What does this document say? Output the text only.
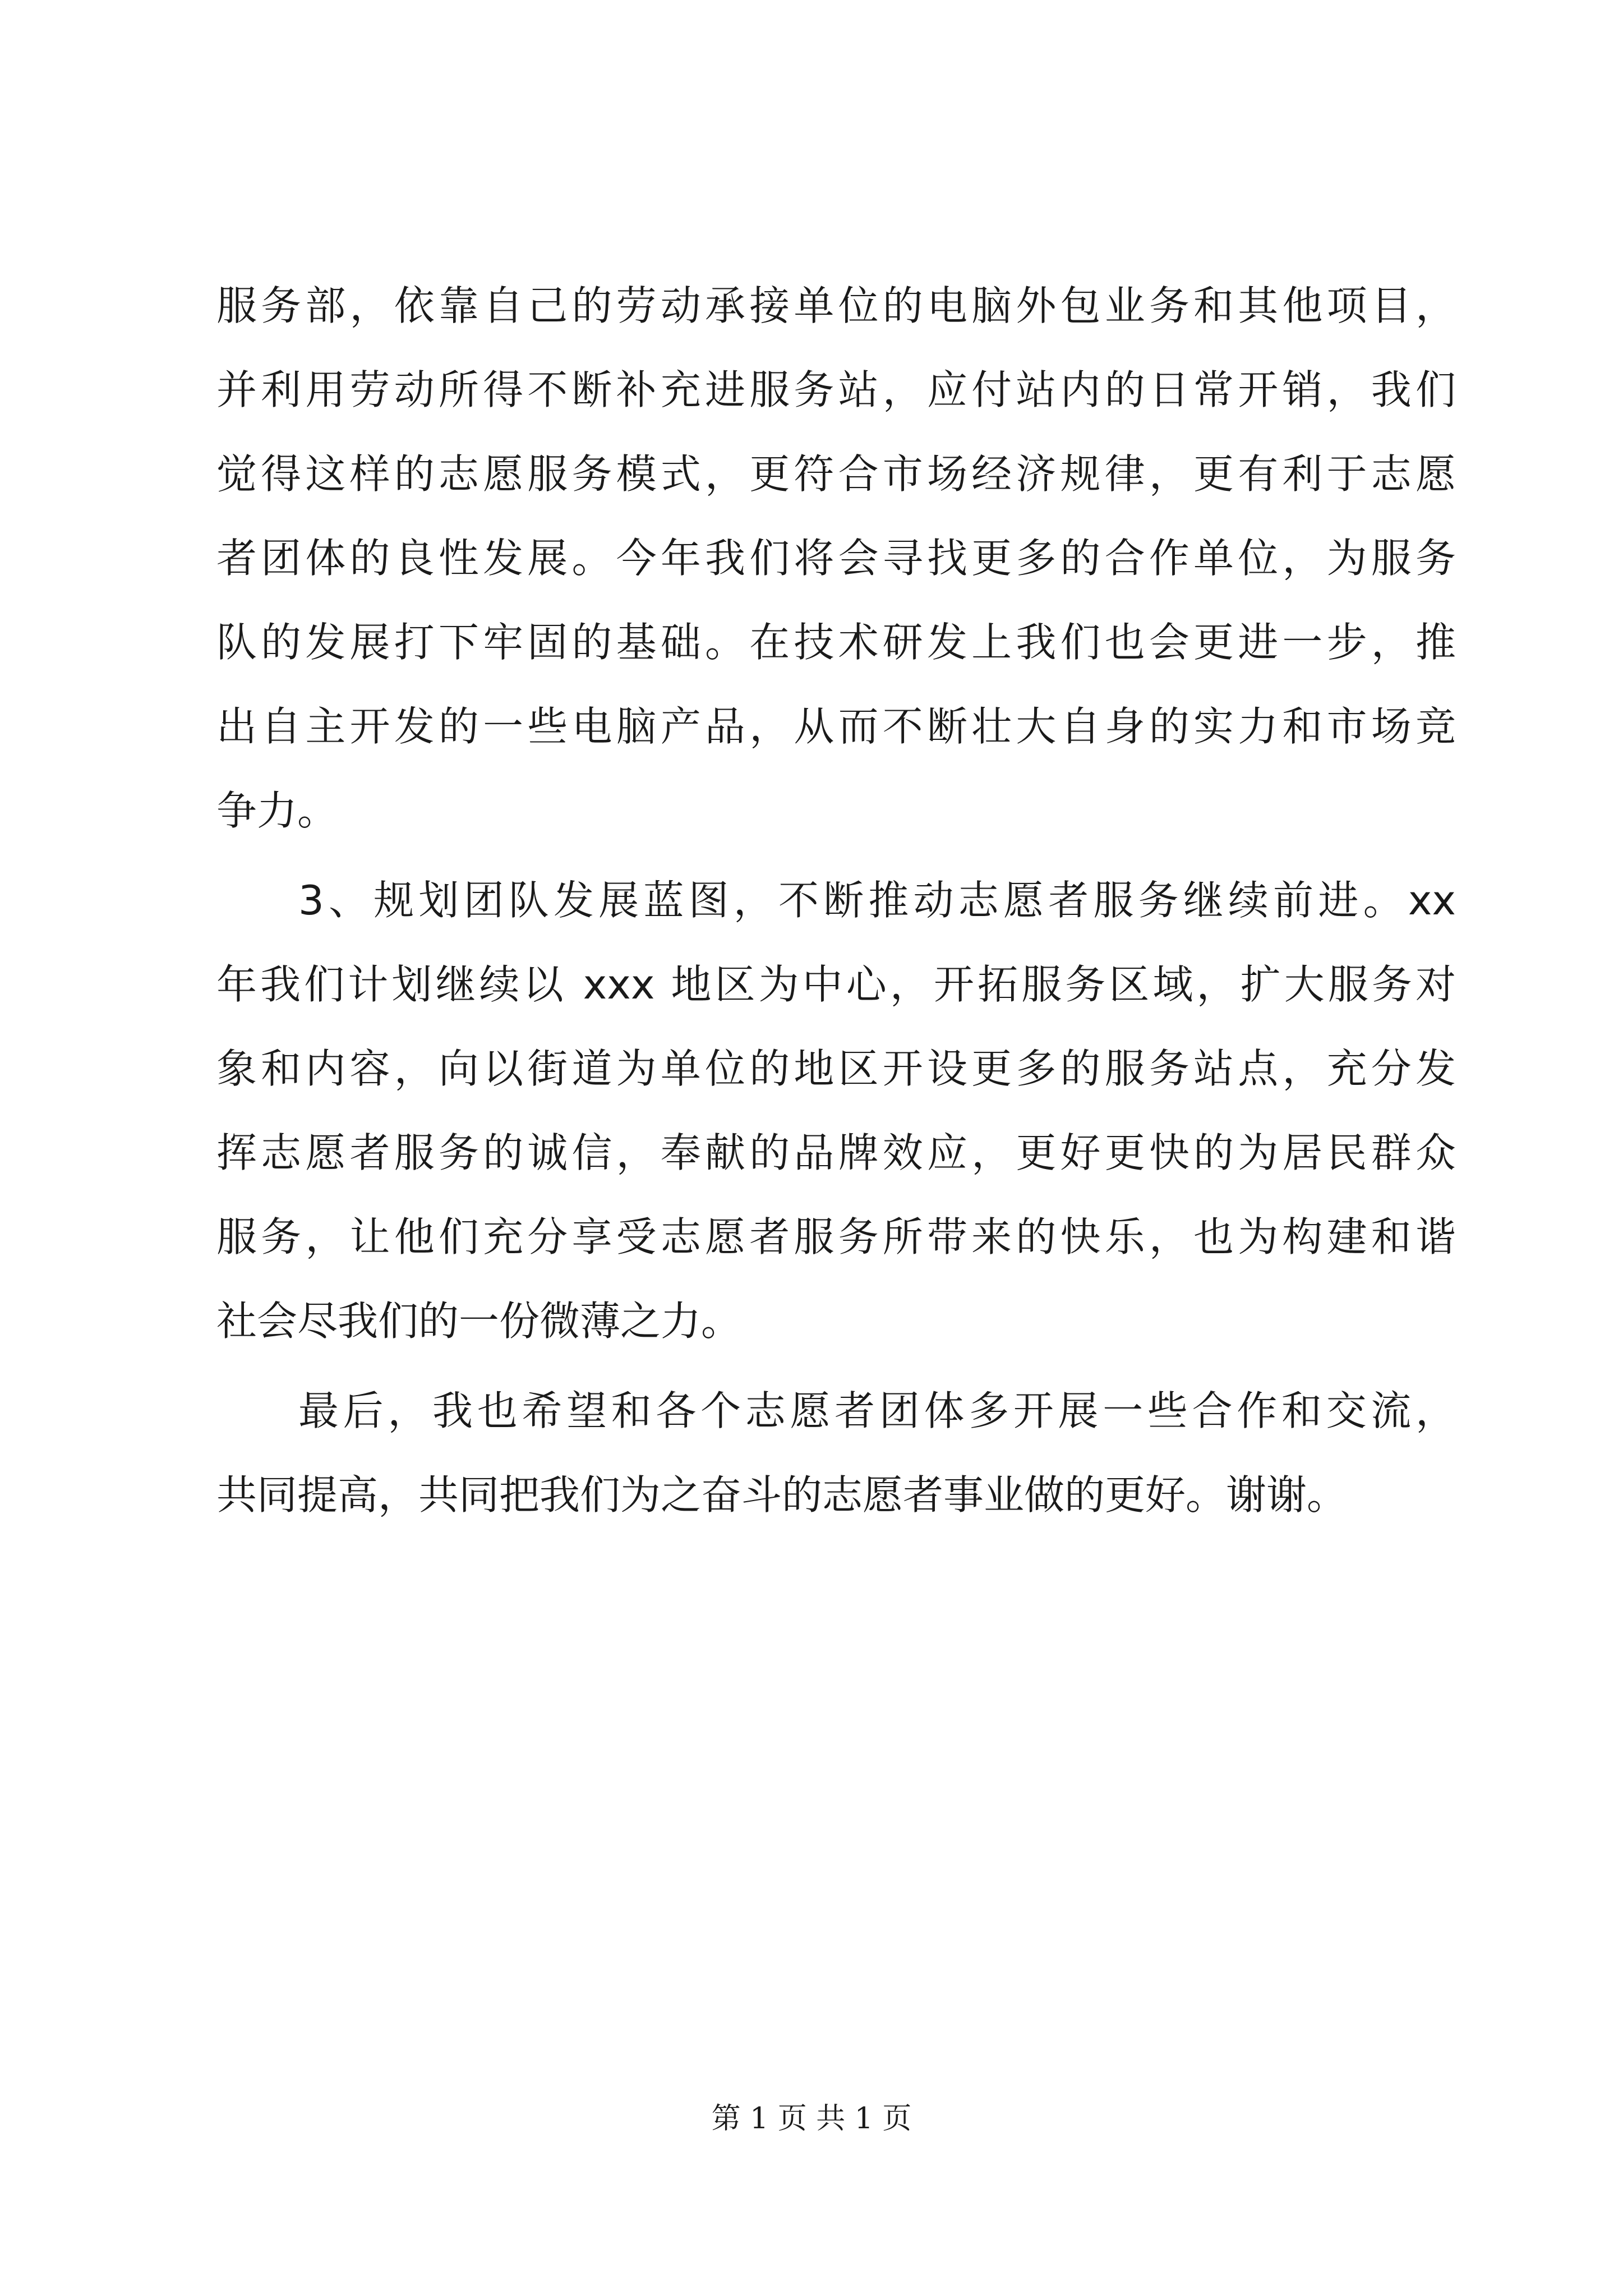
服务部，依靠自己的劳动承接单位的电脑外包业务和其他项目，
并利用劳动所得不断补充进服务站，应付站内的日常开销，我们
觉得这样的志愿服务模式，更符合市场经济规律，更有利于志愿
者团体的良性发展。今年我们将会寻找更多的合作单位，为服务
队的发展打下牢固的基础。在技术研发上我们也会更进一步，推
出自主开发的一些电脑产品，从而不断壮大自身的实力和市场竞
争力。
3、规划团队发展蓝图，不断推动志愿者服务继续前进。xx
年我们计划继续以 xxx 地区为中心，开拓服务区域，扩大服务对
象和内容，向以街道为单位的地区开设更多的服务站点，充分发
挥志愿者服务的诚信，奉献的品牌效应，更好更快的为居民群众
服务，让他们充分享受志愿者服务所带来的快乐，也为构建和谐
社会尽我们的一份微薄之力。
最后，我也希望和各个志愿者团体多开展一些合作和交流，
共同提高，共同把我们为之奋斗的志愿者事业做的更好。谢谢。
第 1 页 共 1 页
